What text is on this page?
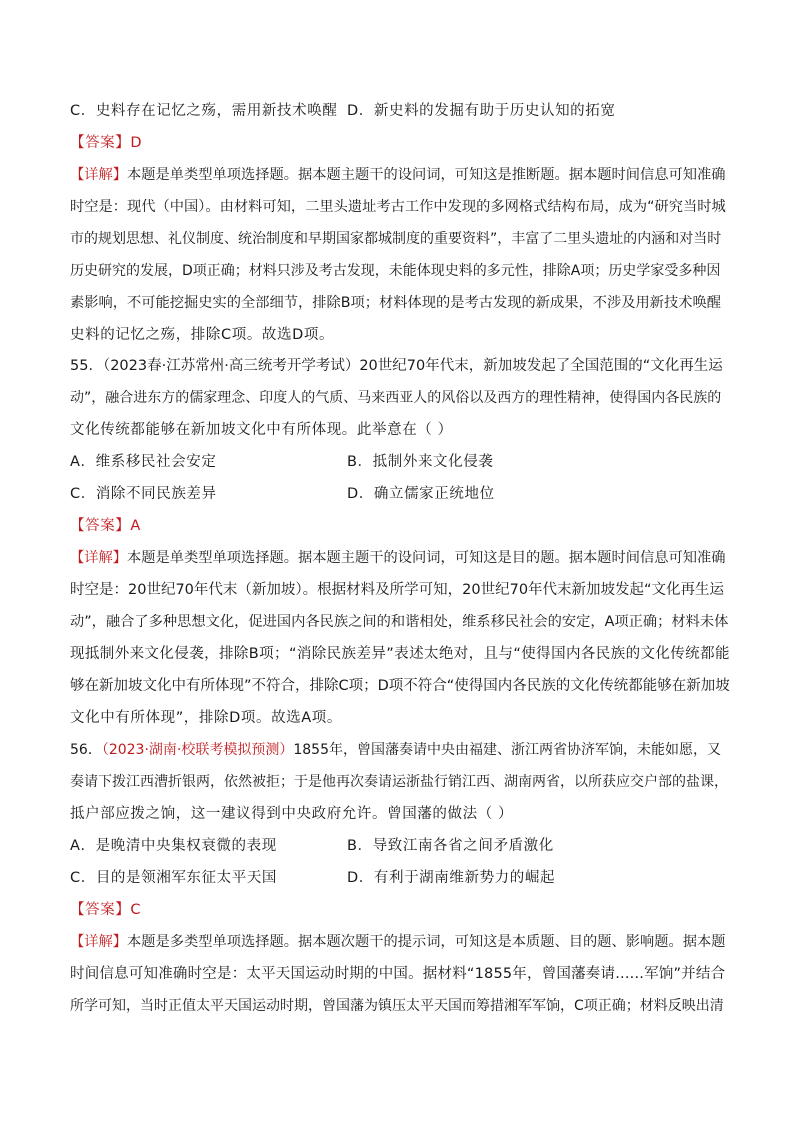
C．史料存在记忆之殇，需用新技术唤醒 D．新史料的发掘有助于历史认知的拓宽
【答案】D
【详解】本题是单类型单项选择题。据本题主题干的设问词，可知这是推断题。据本题时间信息可知准确
时空是：现代（中国）。由材料可知，二里头遗址考古工作中发现的多网格式结构布局，成为“研究当时城
市的规划思想、礼仪制度、统治制度和早期国家都城制度的重要资料”，丰富了二里头遗址的内涵和对当时
历史研究的发展，D项正确；材料只涉及考古发现，未能体现史料的多元性，排除A项；历史学家受多种因
素影响，不可能挖掘史实的全部细节，排除B项；材料体现的是考古发现的新成果，不涉及用新技术唤醒
史料的记忆之殇，排除C项。故选D项。
55．（2023春·江苏常州·高三统考开学考试）20世纪70年代末，新加坡发起了全国范围的“文化再生运
动”，融合进东方的儒家理念、印度人的气质、马来西亚人的风俗以及西方的理性精神，使得国内各民族的
文化传统都能够在新加坡文化中有所体现。此举意在（ ）
A．维系移民社会安定	B．抵制外来文化侵袭
C．消除不同民族差异	D．确立儒家正统地位
【答案】A
【详解】本题是单类型单项选择题。据本题主题干的设问词，可知这是目的题。据本题时间信息可知准确
时空是：20世纪70年代末（新加坡）。根据材料及所学可知，20世纪70年代末新加坡发起“文化再生运
动”，融合了多种思想文化，促进国内各民族之间的和谐相处，维系移民社会的安定，A项正确；材料未体
现抵制外来文化侵袭，排除B项；“消除民族差异”表述太绝对，且与“使得国内各民族的文化传统都能
够在新加坡文化中有所体现”不符合，排除C项；D项不符合“使得国内各民族的文化传统都能够在新加坡
文化中有所体现”，排除D项。故选A项。
56．（2023·湖南·校联考模拟预测）1855年，曾国藩奏请中央由福建、浙江两省协济军饷，未能如愿，又
奏请下拨江西漕折银两，依然被拒；于是他再次奏请运浙盐行销江西、湖南两省，以所获应交户部的盐课，
抵户部应拨之饷，这一建议得到中央政府允许。曾国藩的做法（ ）
A．是晚清中央集权衰微的表现	B．导致江南各省之间矛盾激化
C．目的是领湘军东征太平天国	D．有利于湖南维新势力的崛起
【答案】C
【详解】本题是多类型单项选择题。据本题次题干的提示词，可知这是本质题、目的题、影响题。据本题
时间信息可知准确时空是：太平天国运动时期的中国。据材料“1855年，曾国藩奏请......军饷”并结合
所学可知，当时正值太平天国运动时期，曾国藩为镇压太平天国而筹措湘军军饷，C项正确；材料反映出清
